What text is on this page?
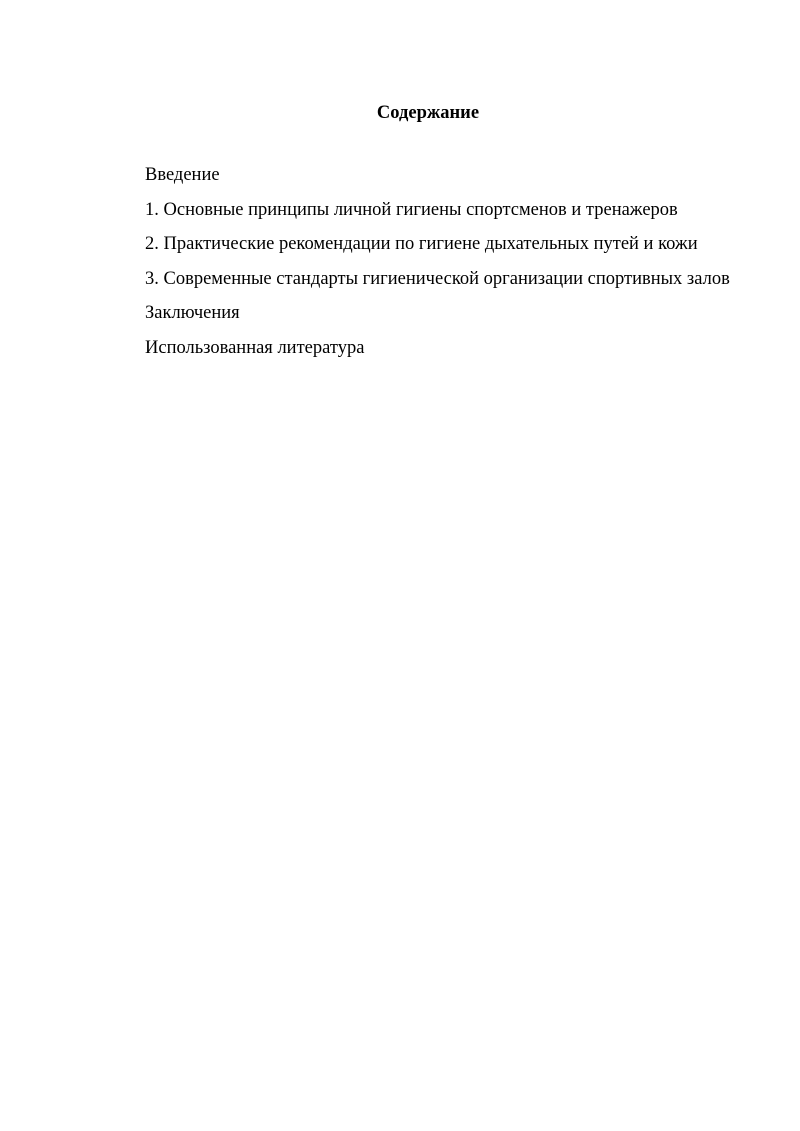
Содержание
Введение
1. Основные принципы личной гигиены спортсменов и тренажеров
2. Практические рекомендации по гигиене дыхательных путей и кожи
3. Современные стандарты гигиенической организации спортивных залов
Заключения
Использованная литература
